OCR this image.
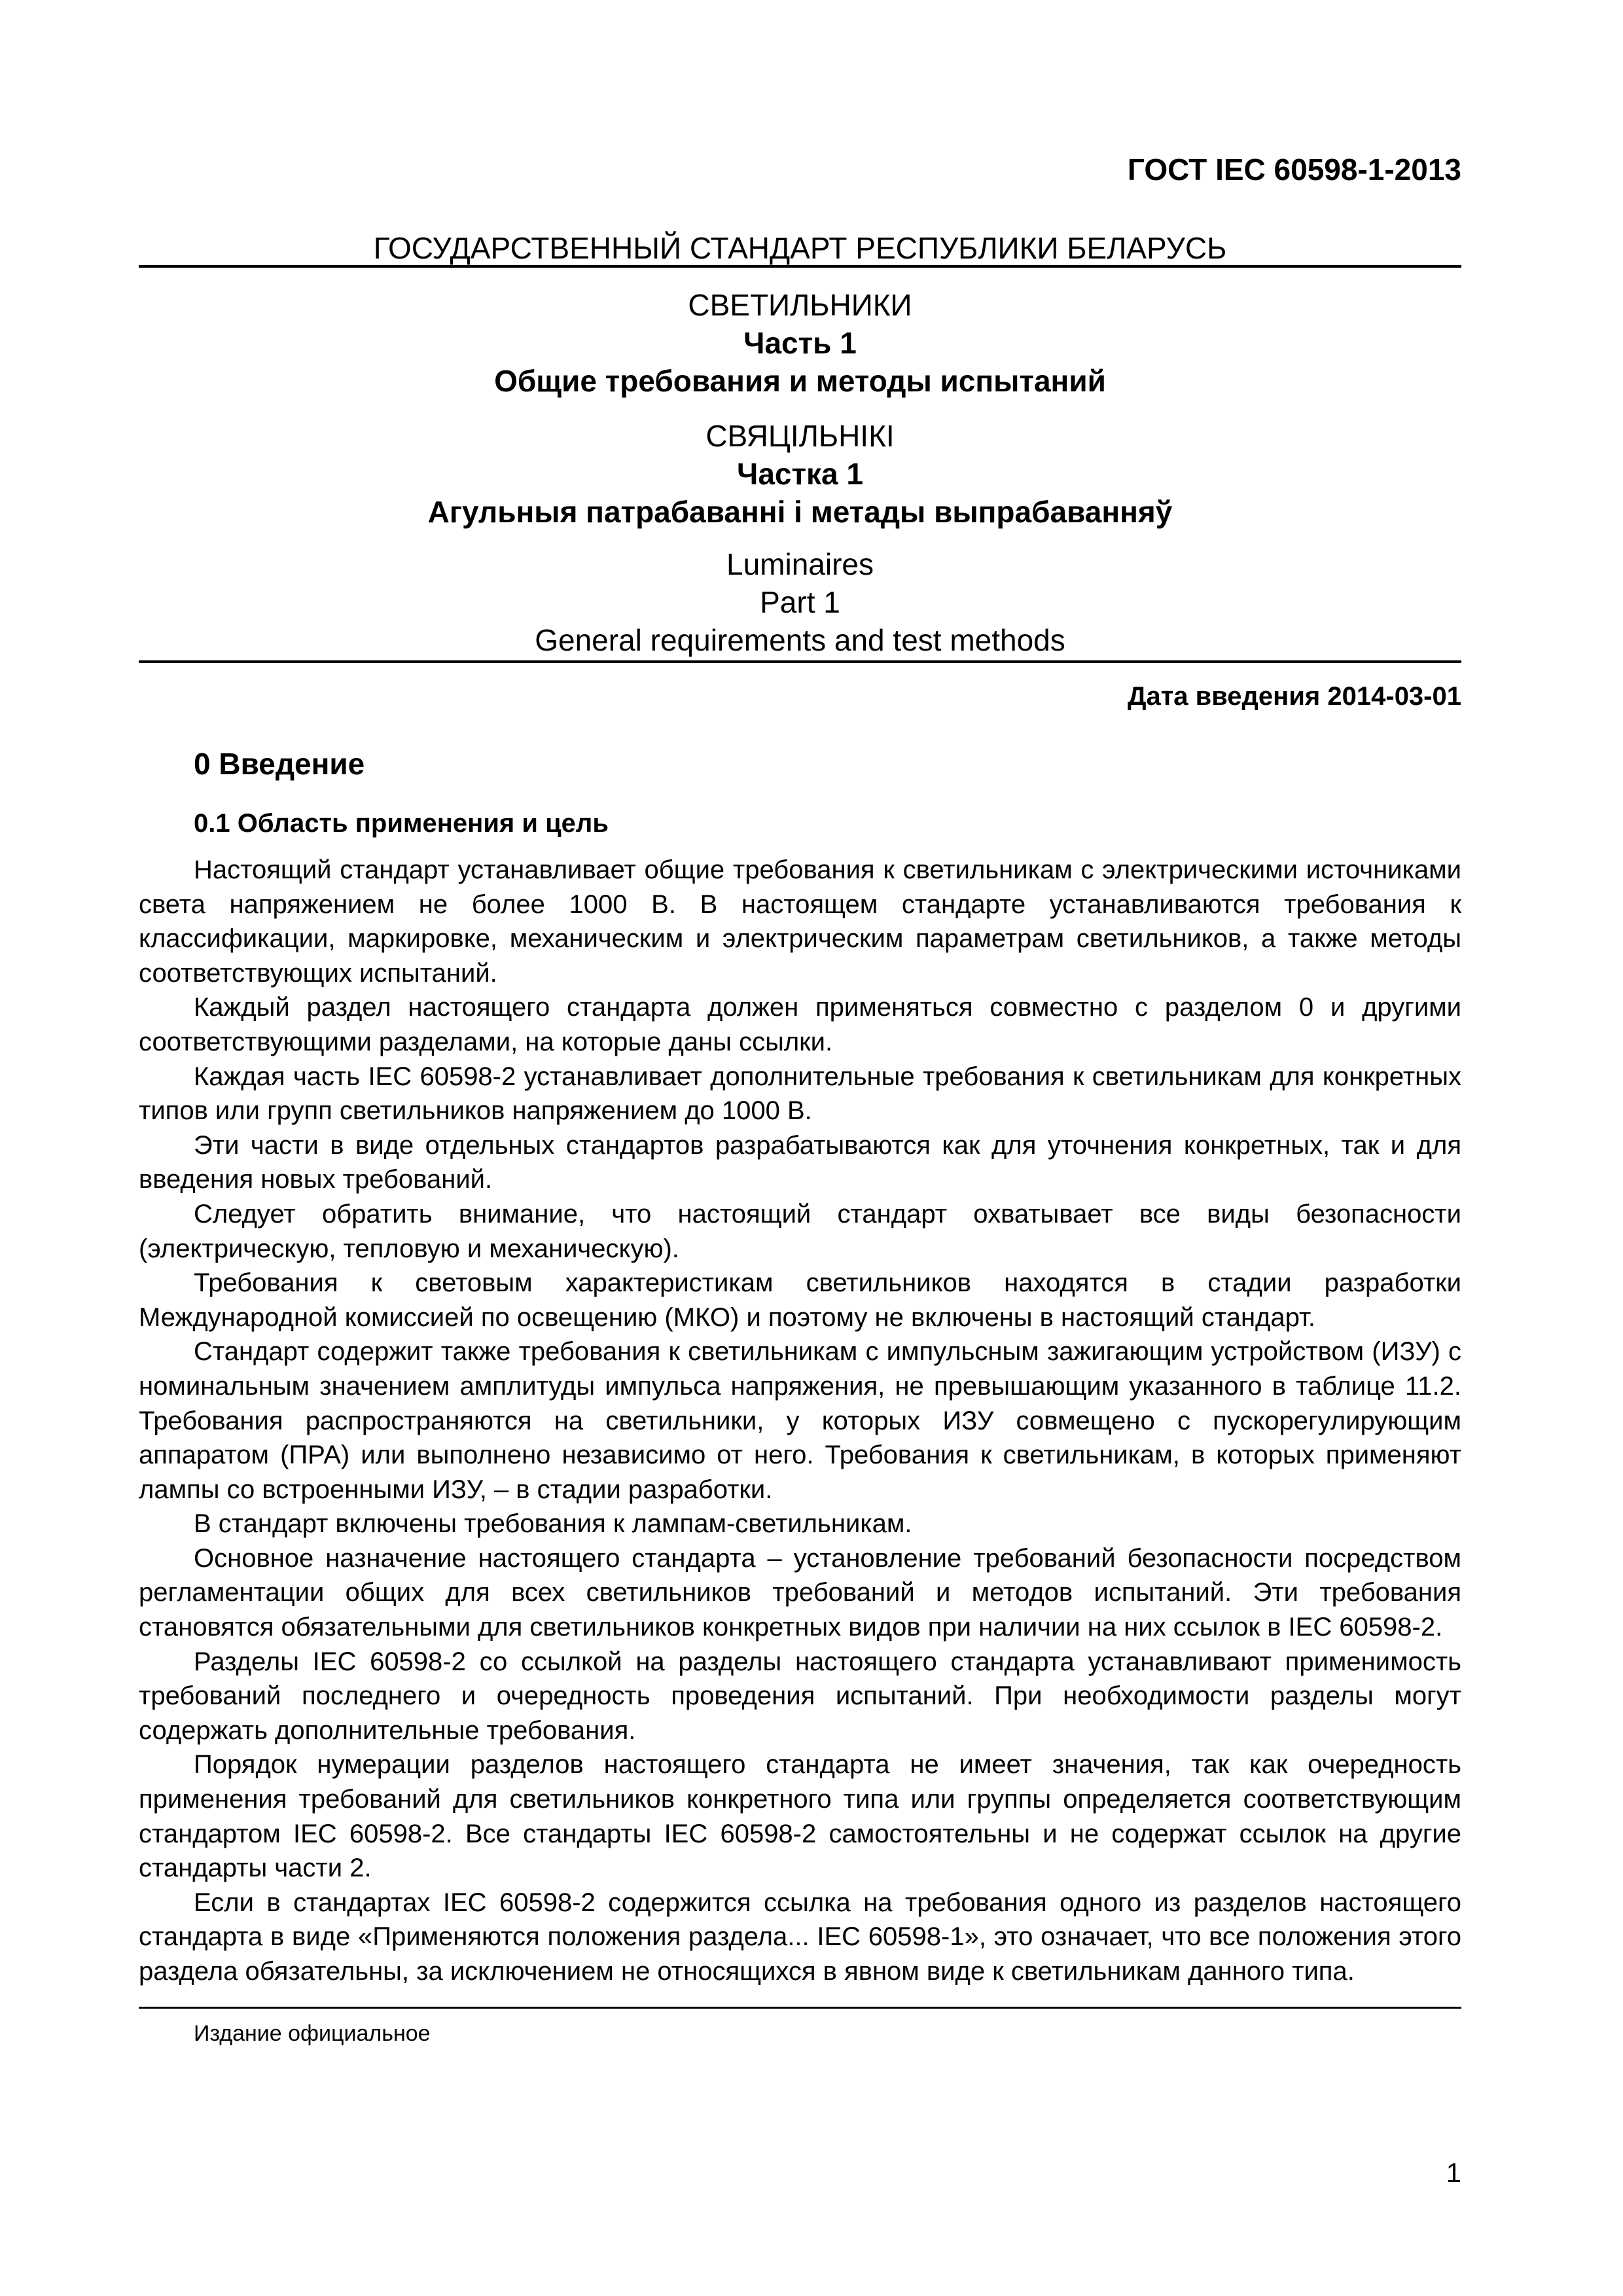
ГОСТ IEC 60598-1-2013
ГОСУДАРСТВЕННЫЙ СТАНДАРТ РЕСПУБЛИКИ БЕЛАРУСЬ
СВЕТИЛЬНИКИ
Часть 1
Общие требования и методы испытаний
СВЯЦІЛЬНІКІ
Частка 1
Агульныя патрабаванні і метады выпрабаванняў
Luminaires
Part 1
General requirements and test methods
Дата введения 2014-03-01
0 Введение
0.1 Область применения и цель

Настоящий стандарт устанавливает общие требования к светильникам с электрическими источниками света напряжением не более 1000 В. В настоящем стандарте устанавливаются требования к классификации, маркировке, механическим и электрическим параметрам светильников, а также методы соответствующих испытаний.

Каждый раздел настоящего стандарта должен применяться совместно с разделом 0 и другими соответствующими разделами, на которые даны ссылки.

Каждая часть IEC 60598-2 устанавливает дополнительные требования к светильникам для конкретных типов или групп светильников напряжением до 1000 В.

Эти части в виде отдельных стандартов разрабатываются как для уточнения конкретных, так и для введения новых требований.

Следует обратить внимание, что настоящий стандарт охватывает все виды безопасности (электрическую, тепловую и механическую).

Требования к световым характеристикам светильников находятся в стадии разработки Международной комиссией по освещению (МКО) и поэтому не включены в настоящий стандарт.

Стандарт содержит также требования к светильникам с импульсным зажигающим устройством (ИЗУ) с номинальным значением амплитуды импульса напряжения, не превышающим указанного в таблице 11.2. Требования распространяются на светильники, у которых ИЗУ совмещено с пускорегулирующим аппаратом (ПРА) или выполнено независимо от него. Требования к светильникам, в которых применяют лампы со встроенными ИЗУ, – в стадии разработки.

В стандарт включены требования к лампам-светильникам.

Основное назначение настоящего стандарта – установление требований безопасности посредством регламентации общих для всех светильников требований и методов испытаний. Эти требования становятся обязательными для светильников конкретных видов при наличии на них ссылок в IEC 60598-2.

Разделы IEC 60598-2 со ссылкой на разделы настоящего стандарта устанавливают применимость требований последнего и очередность проведения испытаний. При необходимости разделы могут содержать дополнительные требования.

Порядок нумерации разделов настоящего стандарта не имеет значения, так как очередность применения требований для светильников конкретного типа или группы определяется соответствующим стандартом IEC 60598-2. Все стандарты IEC 60598-2 самостоятельны и не содержат ссылок на другие стандарты части 2.

Если в стандартах IEC 60598-2 содержится ссылка на требования одного из разделов настоящего стандарта в виде «Применяются положения раздела... IEC 60598-1», это означает, что все положения этого раздела обязательны, за исключением не относящихся в явном виде к светильникам данного типа.

Издание официальное
1
